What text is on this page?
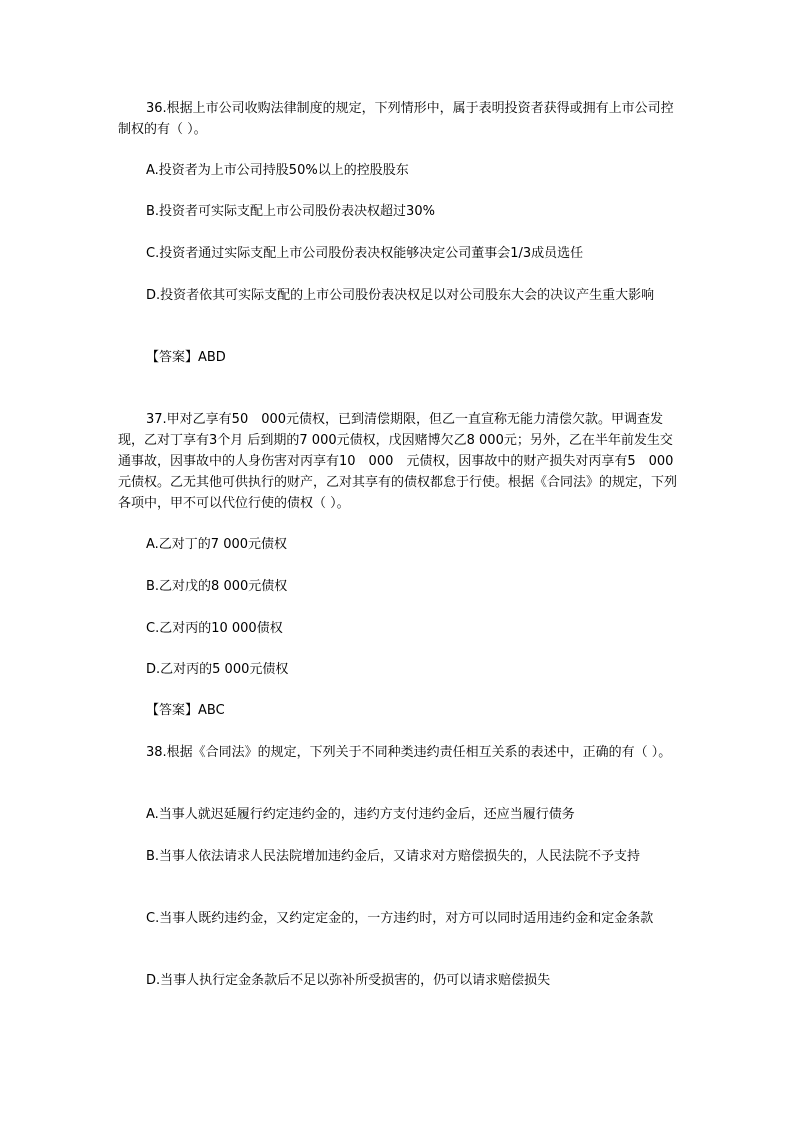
36.根据上市公司收购法律制度的规定，下列情形中，属于表明投资者获得或拥有上市公司控制权的有（ ）。

A.投资者为上市公司持股50%以上的控股股东

B.投资者可实际支配上市公司股份表决权超过30%

C.投资者通过实际支配上市公司股份表决权能够决定公司董事会1/3成员选任

D.投资者依其可实际支配的上市公司股份表决权足以对公司股东大会的决议产生重大影响

【答案】ABD

37.甲对乙享有50　000元债权，已到清偿期限，但乙一直宣称无能力清偿欠款。甲调查发现，乙对丁享有3个月 后到期的7 000元债权，戊因赌博欠乙8 000元；另外，乙在半年前发生交通事故，因事故中的人身伤害对丙享有10　000　元债权，因事故中的财产损失对丙享有5　000元债权。乙无其他可供执行的财产，乙对其享有的债权都怠于行使。根据《合同法》的规定，下列各项中，甲不可以代位行使的债权（ ）。

A.乙对丁的7 000元债权

B.乙对戊的8 000元债权

C.乙对丙的10 000债权

D.乙对丙的5 000元债权

【答案】ABC

38.根据《合同法》的规定，下列关于不同种类违约责任相互关系的表述中，正确的有（ ）。

A.当事人就迟延履行约定违约金的，违约方支付违约金后，还应当履行债务

B.当事人依法请求人民法院增加违约金后，又请求对方赔偿损失的，人民法院不予支持

C.当事人既约违约金，又约定定金的，一方违约时，对方可以同时适用违约金和定金条款

D.当事人执行定金条款后不足以弥补所受损害的，仍可以请求赔偿损失
